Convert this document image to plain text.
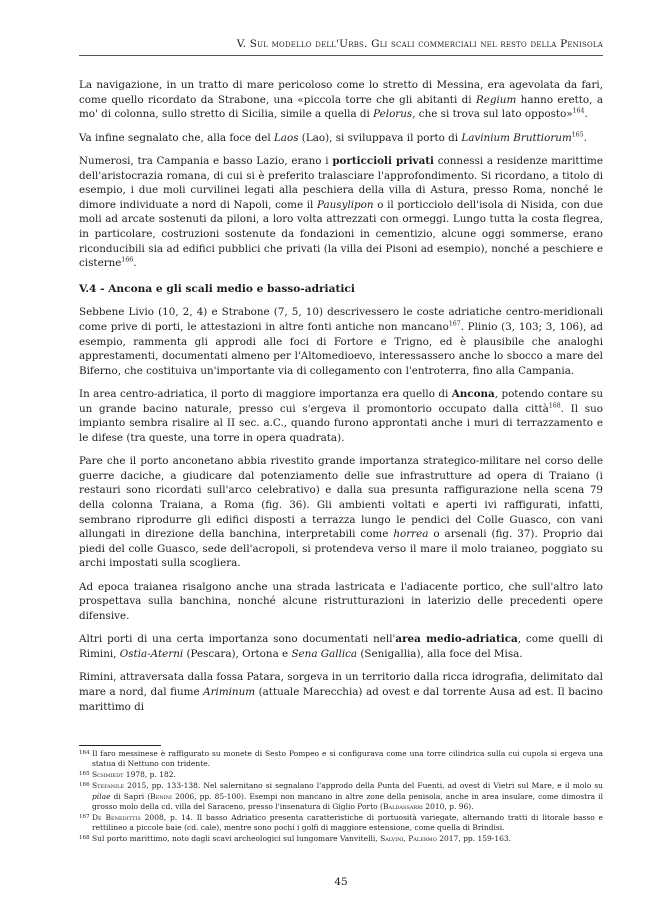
V. Sul modello dell'Urbs. Gli scali commerciali nel resto della Penisola

La navigazione, in un tratto di mare pericoloso come lo stretto di Messina, era agevolata da fari, come quello ricordato da Strabone, una «piccola torre che gli abitanti di Regium hanno eretto, a mo' di colonna, sullo stretto di Sicilia, simile a quella di Pelorus, che si trova sul lato opposto»$^{164}$.

Va infine segnalato che, alla foce del Laos (Lao), si sviluppava il porto di Lavinium Bruttiorum$^{165}$.

Numerosi, tra Campania e basso Lazio, erano i porticcioli privati connessi a residenze marittime dell'aristocrazia romana, di cui si è preferito tralasciare l'approfondimento. Si ricordano, a titolo di esempio, i due moli curvilinei legati alla peschiera della villa di Astura, presso Roma, nonché le dimore individuate a nord di Napoli, come il Pausylipon o il porticciolo dell'isola di Nisida, con due moli ad arcate sostenuti da piloni, a loro volta attrezzati con ormeggi. Lungo tutta la costa flegrea, in particolare, costruzioni sostenute da fondazioni in cementizio, alcune oggi sommerse, erano riconducibili sia ad edifici pubblici che privati (la villa dei Pisoni ad esempio), nonché a peschiere e cisterne$^{166}$.

V.4 - Ancona e gli scali medio e basso-adriatici

Sebbene Livio (10, 2, 4) e Strabone (7, 5, 10) descrivessero le coste adriatiche centro-meridionali come prive di porti, le attestazioni in altre fonti antiche non mancano$^{167}$. Plinio (3, 103; 3, 106), ad esempio, rammenta gli approdi alle foci di Fortore e Trigno, ed è plausibile che analoghi apprestamenti, documentati almeno per l'Altomedioevo, interessassero anche lo sbocco a mare del Biferno, che costituiva un'importante via di collegamento con l'entroterra, fino alla Campania.

In area centro-adriatica, il porto di maggiore importanza era quello di Ancona, potendo contare su un grande bacino naturale, presso cui s'ergeva il promontorio occupato dalla città$^{168}$. Il suo impianto sembra risalire al II sec. a.C., quando furono approntati anche i muri di terrazzamento e le difese (tra queste, una torre in opera quadrata).

Pare che il porto anconetano abbia rivestito grande importanza strategico-militare nel corso delle guerre daciche, a giudicare dal potenziamento delle sue infrastrutture ad opera di Traiano (i restauri sono ricordati sull'arco celebrativo) e dalla sua presunta raffigurazione nella scena 79 della colonna Traiana, a Roma (fig. 36). Gli ambienti voltati e aperti ivi raffigurati, infatti, sembrano riprodurre gli edifici disposti a terrazza lungo le pendici del Colle Guasco, con vani allungati in direzione della banchina, interpretabili come horrea o arsenali (fig. 37). Proprio dai piedi del colle Guasco, sede dell'acropoli, si protendeva verso il mare il molo traianeo, poggiato su archi impostati sulla scogliera.

Ad epoca traianea risalgono anche una strada lastricata e l'adiacente portico, che sull'altro lato prospettava sulla banchina, nonché alcune ristrutturazioni in laterizio delle precedenti opere difensive.

Altri porti di una certa importanza sono documentati nell'area medio-adriatica, come quelli di Rimini, Ostia-Aterni (Pescara), Ortona e Sena Gallica (Senigallia), alla foce del Misa.

Rimini, attraversata dalla fossa Patara, sorgeva in un territorio dalla ricca idrografia, delimitato dal mare a nord, dal fiume Ariminum (attuale Marecchia) ad ovest e dal torrente Ausa ad est. Il bacino marittimo di

164 Il faro messinese è raffigurato su monete di Sesto Pompeo e si configurava come una torre cilindrica sulla cui cupola si ergeva una statua di Nettuno con tridente.
165 Schmiedt 1978, p. 182.
166 Stefanile 2015, pp. 133-138. Nel salernitano si segnalano l'approdo della Punta del Fuenti, ad ovest di Vietri sul Mare, e il molo su pilae di Sapri (Benini 2006, pp. 85-100). Esempi non mancano in altre zone della penisola, anche in area insulare, come dimostra il grosso molo della cd. villa del Saraceno, presso l'insenatura di Giglio Porto (Baldassarri 2010, p. 96).
167 De Benedittis 2008, p. 14. Il basso Adriatico presenta caratteristiche di portuosità variegate, alternando tratti di litorale basso e rettilineo a piccole baie (cd. cale), mentre sono pochi i golfi di maggiore estensione, come quella di Brindisi.
168 Sul porto marittimo, noto dagli scavi archeologici sul lungomare Vanvitelli, Salvini, Palermo 2017, pp. 159-163.
45
